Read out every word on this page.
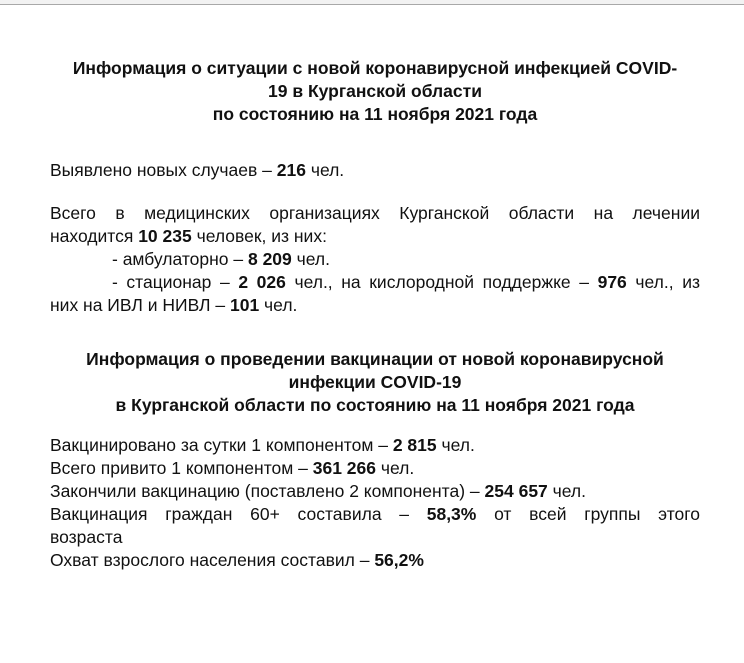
Информация о ситуации с новой коронавирусной инфекцией COVID-
19 в Курганской области
по состоянию на 11 ноября 2021 года

Выявлено новых случаев – 216 чел.

Всего в медицинских организациях Курганской области на лечении

находится 10 235 человек, из них:

- амбулаторно – 8 209 чел.

- стационар – 2 026 чел., на кислородной поддержке – 976 чел., из

них на ИВЛ и НИВЛ – 101 чел.

Информация о проведении вакцинации от новой коронавирусной
инфекции COVID-19
в Курганской области по состоянию на 11 ноября 2021 года

Вакцинировано за сутки 1 компонентом – 2 815 чел.

Всего привито 1 компонентом – 361 266 чел.

Закончили вакцинацию (поставлено 2 компонента) – 254 657 чел.

Вакцинация граждан 60+ составила – 58,3% от всей группы этого

возраста

Охват взрослого населения составил – 56,2%
